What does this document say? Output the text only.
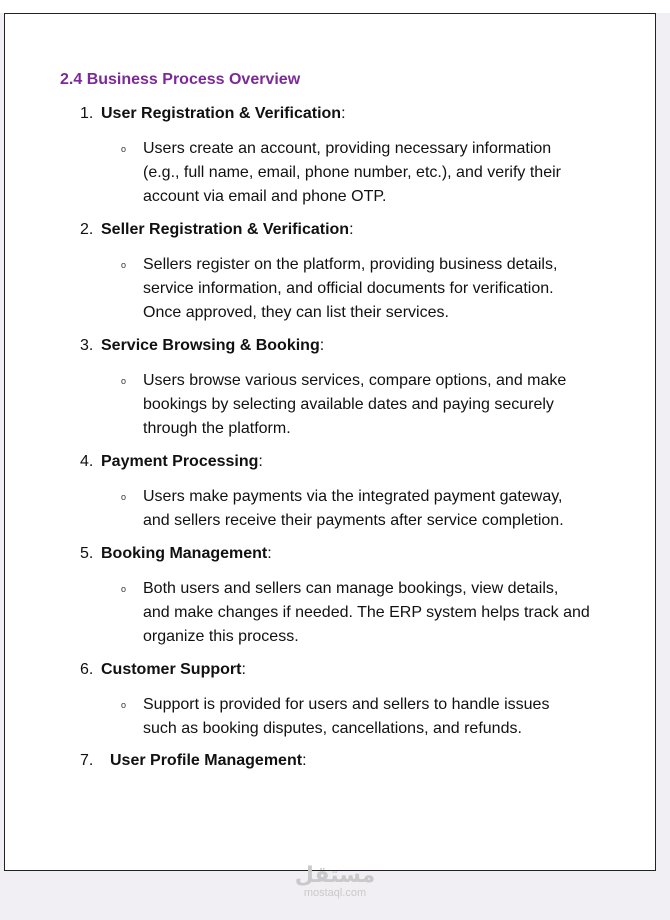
2.4 Business Process Overview
1. User Registration & Verification:
o Users create an account, providing necessary information
(e.g., full name, email, phone number, etc.), and verify their
account via email and phone OTP.

2. Seller Registration & Verification:
o Sellers register on the platform, providing business details,
service information, and official documents for verification.
Once approved, they can list their services.

3. Service Browsing & Booking:
o Users browse various services, compare options, and make
bookings by selecting available dates and paying securely
through the platform.

4. Payment Processing:
o Users make payments via the integrated payment gateway,
and sellers receive their payments after service completion.

5. Booking Management:
o Both users and sellers can manage bookings, view details,
and make changes if needed. The ERP system helps track and
organize this process.

6. Customer Support:
o Support is provided for users and sellers to handle issues
such as booking disputes, cancellations, and refunds.

7. User Profile Management:
مستقل
mostaql.com
